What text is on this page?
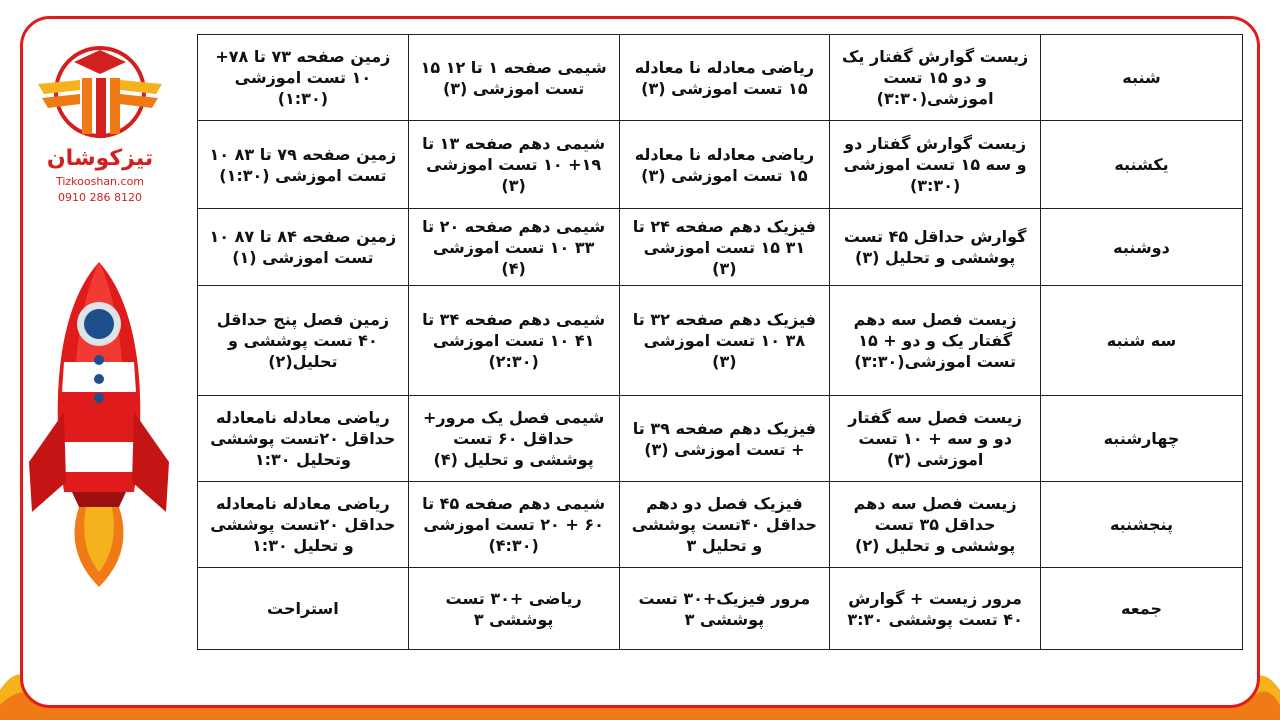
تیزکوشان
Tizkooshan.com
0910 286 8120
شنبه	زیست گوارش گفتار یک و دو ۱۵ تست اموزشی(۳:۳۰)	ریاضی معادله نا معادله ۱۵ تست اموزشی (۳)	شیمی صفحه ۱ تا ۱۲ ۱۵ تست اموزشی (۳)	زمین صفحه ۷۳ تا ۷۸+ ۱۰ تست اموزشی (۱:۳۰)
یکشنبه	زیست گوارش گفتار دو و سه ۱۵ تست اموزشی (۳:۳۰)	ریاضی معادله نا معادله ۱۵ تست اموزشی (۳)	شیمی دهم صفحه ۱۳ تا ۱۹+ ۱۰ تست اموزشی (۳)	زمین صفحه ۷۹ تا ۸۳ ۱۰ تست اموزشی (۱:۳۰)
دوشنبه	گوارش حداقل ۴۵ تست پوششی و تحلیل (۳)	فیزیک دهم صفحه ۲۴ تا ۳۱ ۱۵ تست اموزشی (۳)	شیمی دهم صفحه ۲۰ تا ۳۳ ۱۰ تست اموزشی (۴)	زمین صفحه ۸۴ تا ۸۷ ۱۰ تست اموزشی (۱)
سه شنبه	زیست فصل سه دهم گفتار یک و دو + ۱۵ تست اموزشی(۳:۳۰)	فیزیک دهم صفحه ۳۲ تا ۳۸ ۱۰ تست اموزشی (۳)	شیمی دهم صفحه ۳۴ تا ۴۱ ۱۰ تست اموزشی (۲:۳۰)	زمین فصل پنج حداقل ۴۰ تست پوششی و تحلیل(۲)
چهارشنبه	زیست فصل سه گفتار دو و سه + ۱۰ تست اموزشی (۳)	فیزیک دهم صفحه ۳۹ تا + تست اموزشی (۳)	شیمی فصل یک مرور+ حداقل ۶۰ تست پوششی و تحلیل (۴)	ریاضی معادله نامعادله حداقل ۲۰تست پوششی وتحلیل ۱:۳۰
پنجشنبه	زیست فصل سه دهم حداقل ۳۵ تست پوششی و تحلیل (۲)	فیزیک فصل دو دهم حداقل ۴۰تست پوششی و تحلیل ۳	شیمی دهم صفحه ۴۵ تا ۶۰ + ۲۰ تست اموزشی (۴:۳۰)	ریاضی معادله نامعادله حداقل ۲۰تست پوششی و تحلیل ۱:۳۰
جمعه	مرور زیست + گوارش ۴۰ تست پوششی ۳:۳۰	مرور فیزیک+۳۰ تست پوششی ۳	ریاضی +۳۰ تست پوششی ۳	استراحت
